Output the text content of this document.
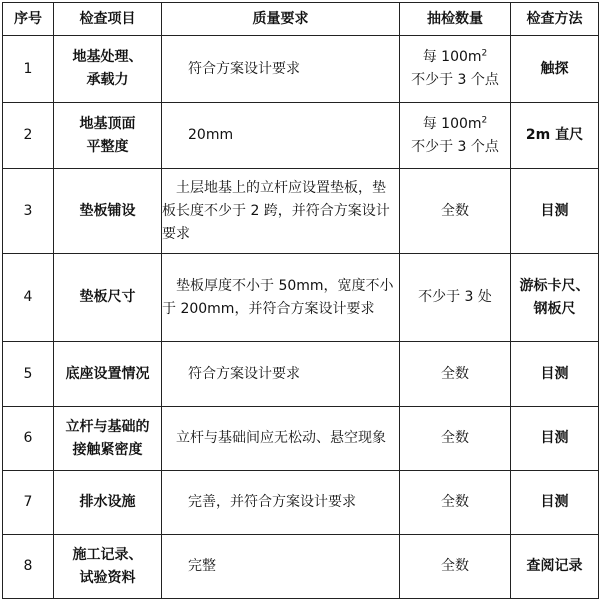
序号	检查项目	质量要求	抽检数量	检查方法
1	地基处理、
承载力	符合方案设计要求	每 $100m^2$
不少于 3 个点	触探

2	地基顶面
平整度	20mm	每 $100m^2$
不少于 3 个点	2m 直尺

3	垫板铺设	土层地基上的立杆应设置垫板，垫板长度不少于 2 跨，并符合方案设计要求	全数	目测

4	垫板尺寸	垫板厚度不小于 50mm，宽度不小于 200mm，并符合方案设计要求	不少于 3 处	游标卡尺、
钢板尺

5	底座设置情况	符合方案设计要求	全数	目测

6	立杆与基础的
接触紧密度	立杆与基础间应无松动、悬空现象	全数	目测

7	排水设施	完善，并符合方案设计要求	全数	目测

8	施工记录、
试验资料	完整	全数	查阅记录
